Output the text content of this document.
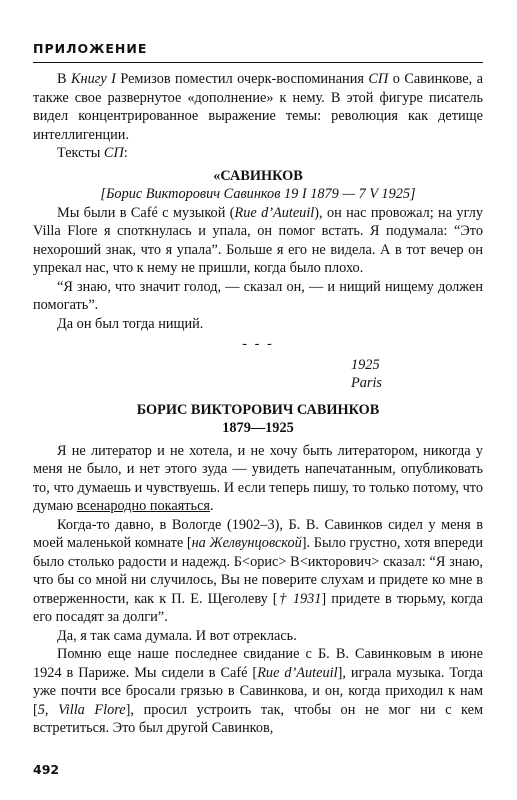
ПРИЛОЖЕНИЕ

В Книгу I Ремизов поместил очерк-воспоминания СП о Савинкове, а также свое развернутое «дополнение» к нему. В этой фигуре писатель видел концентрированное выражение темы: революция как детище интеллигенции.

Тексты СП:

«САВИНКОВ

[Борис Викторович Савинков 19 I 1879 — 7 V 1925]

Мы были в Café с музыкой (Rue d’Auteuil), он нас провожал; на углу Villa Flore я споткнулась и упала, он помог встать. Я подумала: “Это нехороший знак, что я упала”. Больше я его не видела. А в тот вечер он упрекал нас, что к нему не пришли, когда было плохо.

“Я знаю, что значит голод, — сказал он, — и нищий нищему должен помогать”.

Да он был тогда нищий.

- - -

1925

Paris

БОРИС ВИКТОРОВИЧ САВИНКОВ

1879—1925

Я не литератор и не хотела, и не хочу быть литератором, никогда у меня не было, и нет этого зуда — увидеть напечатанным, опубликовать то, что думаешь и чувствуешь. И если теперь пишу, то только потому, что думаю всенародно покаяться.

Когда-то давно, в Вологде (1902–3), Б. В. Савинков сидел у меня в моей маленькой комнате [на Желвунцовской]. Было грустно, хотя впереди было столько радости и надежд. Б<орис> В<икторович> сказал: “Я знаю, что бы со мной ни случилось, Вы не поверите слухам и придете ко мне в отверженности, как к П. Е. Щеголеву [† 1931] придете в тюрьму, когда его посадят за долги”.

Да, я так сама думала. И вот отреклась.

Помню еще наше последнее свидание с Б. В. Савинковым в июне 1924 в Париже. Мы сидели в Café [Rue d’Auteuil], играла музыка. Тогда уже почти все бросали грязью в Савинкова, и он, когда приходил к нам [5, Villa Flore], просил устроить так, чтобы он не мог ни с кем встретиться. Это был другой Савинков,

492
